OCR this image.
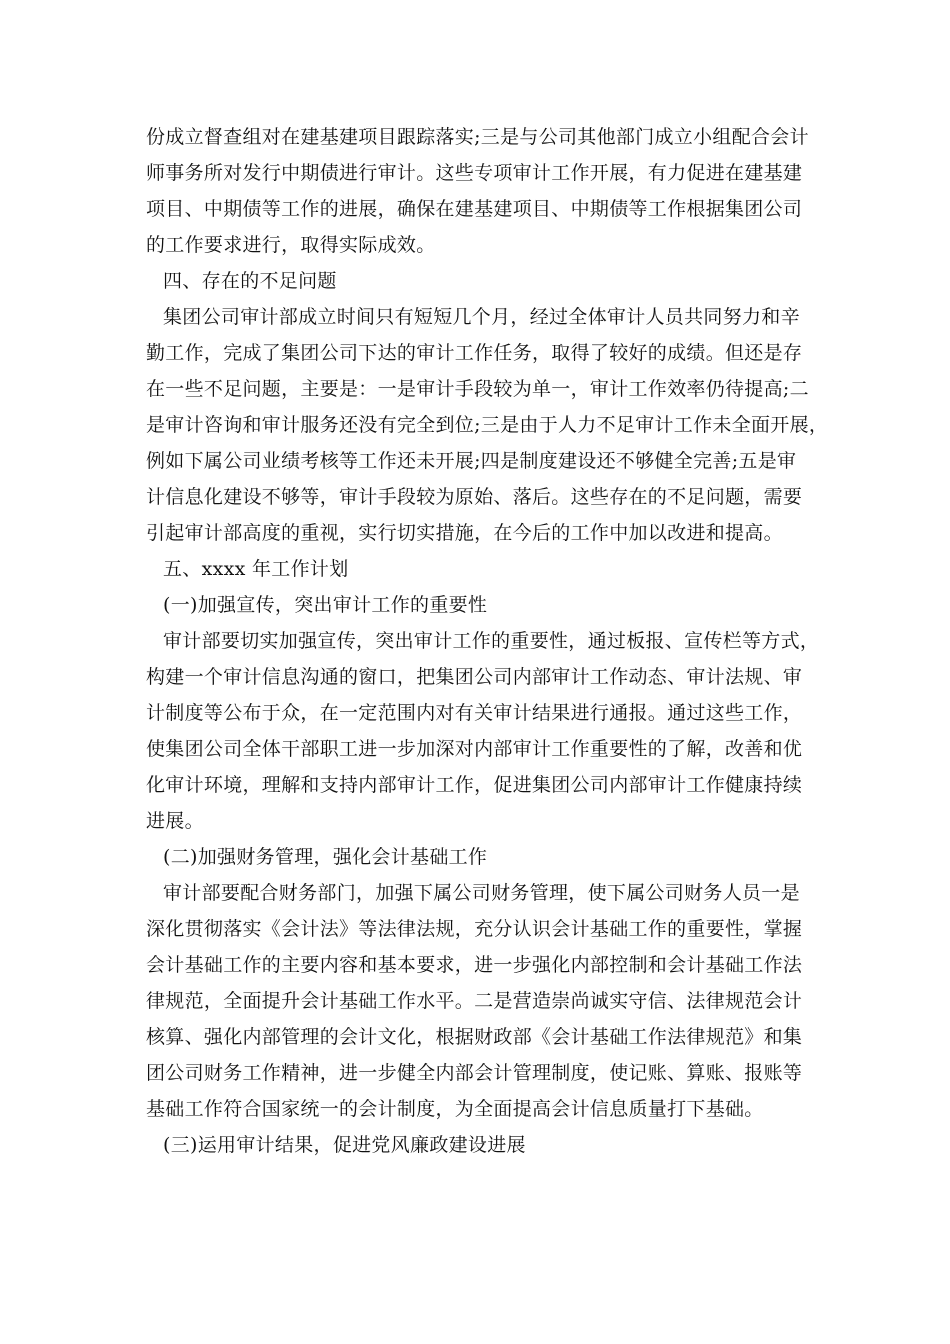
份成立督查组对在建基建项目跟踪落实;三是与公司其他部门成立小组配合会计
师事务所对发行中期债进行审计。这些专项审计工作开展，有力促进在建基建
项目、中期债等工作的进展，确保在建基建项目、中期债等工作根据集团公司
的工作要求进行，取得实际成效。
四、存在的不足问题
集团公司审计部成立时间只有短短几个月，经过全体审计人员共同努力和辛
勤工作，完成了集团公司下达的审计工作任务，取得了较好的成绩。但还是存
在一些不足问题，主要是：一是审计手段较为单一，审计工作效率仍待提高;二
是审计咨询和审计服务还没有完全到位;三是由于人力不足审计工作未全面开展，
例如下属公司业绩考核等工作还未开展;四是制度建设还不够健全完善;五是审
计信息化建设不够等，审计手段较为原始、落后。这些存在的不足问题，需要
引起审计部高度的重视，实行切实措施，在今后的工作中加以改进和提高。
五、xxxx 年工作计划
(一)加强宣传，突出审计工作的重要性
审计部要切实加强宣传，突出审计工作的重要性，通过板报、宣传栏等方式，
构建一个审计信息沟通的窗口，把集团公司内部审计工作动态、审计法规、审
计制度等公布于众，在一定范围内对有关审计结果进行通报。通过这些工作，
使集团公司全体干部职工进一步加深对内部审计工作重要性的了解，改善和优
化审计环境，理解和支持内部审计工作，促进集团公司内部审计工作健康持续
进展。
(二)加强财务管理，强化会计基础工作
审计部要配合财务部门，加强下属公司财务管理，使下属公司财务人员一是
深化贯彻落实《会计法》等法律法规，充分认识会计基础工作的重要性，掌握
会计基础工作的主要内容和基本要求，进一步强化内部控制和会计基础工作法
律规范，全面提升会计基础工作水平。二是营造崇尚诚实守信、法律规范会计
核算、强化内部管理的会计文化，根据财政部《会计基础工作法律规范》和集
团公司财务工作精神，进一步健全内部会计管理制度，使记账、算账、报账等
基础工作符合国家统一的会计制度，为全面提高会计信息质量打下基础。
(三)运用审计结果，促进党风廉政建设进展
